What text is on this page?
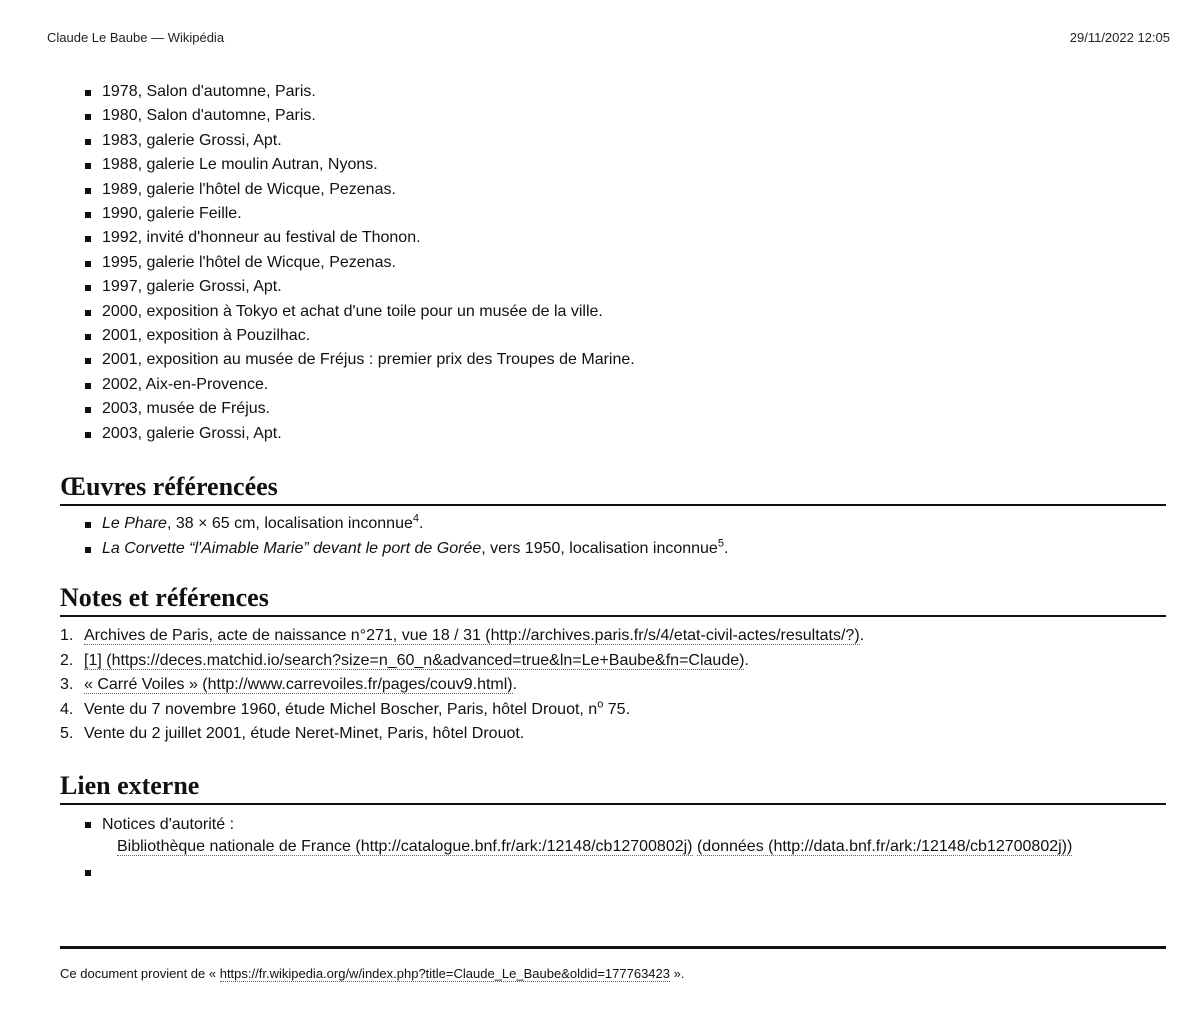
Claude Le Baube — Wikipédia	29/11/2022 12:05
1978, Salon d'automne, Paris.
1980, Salon d'automne, Paris.
1983, galerie Grossi, Apt.
1988, galerie Le moulin Autran, Nyons.
1989, galerie l'hôtel de Wicque, Pezenas.
1990, galerie Feille.
1992, invité d'honneur au festival de Thonon.
1995, galerie l'hôtel de Wicque, Pezenas.
1997, galerie Grossi, Apt.
2000, exposition à Tokyo et achat d'une toile pour un musée de la ville.
2001, exposition à Pouzilhac.
2001, exposition au musée de Fréjus : premier prix des Troupes de Marine.
2002, Aix-en-Provence.
2003, musée de Fréjus.
2003, galerie Grossi, Apt.
Œuvres référencées
Le Phare, 38 × 65 cm, localisation inconnue$^4$.
La Corvette “l'Aimable Marie” devant le port de Gorée, vers 1950, localisation inconnue$^5$.
Notes et références
1. Archives de Paris, acte de naissance n°271, vue 18 / 31 (http://archives.paris.fr/s/4/etat-civil-actes/resultats/?).
2. [1] (https://deces.matchid.io/search?size=n_60_n&advanced=true&ln=Le+Baube&fn=Claude).
3. « Carré Voiles » (http://www.carrevoiles.fr/pages/couv9.html).
4. Vente du 7 novembre 1960, étude Michel Boscher, Paris, hôtel Drouot, $n^o$ 75.
5. Vente du 2 juillet 2001, étude Neret-Minet, Paris, hôtel Drouot.
Lien externe
Notices d'autorité :
Bibliothèque nationale de France (http://catalogue.bnf.fr/ark:/12148/cb12700802j) (données (http://data.bnf.fr/ark:/12148/cb12700802j))

Ce document provient de « https://fr.wikipedia.org/w/index.php?title=Claude_Le_Baube&oldid=177763423 ».
